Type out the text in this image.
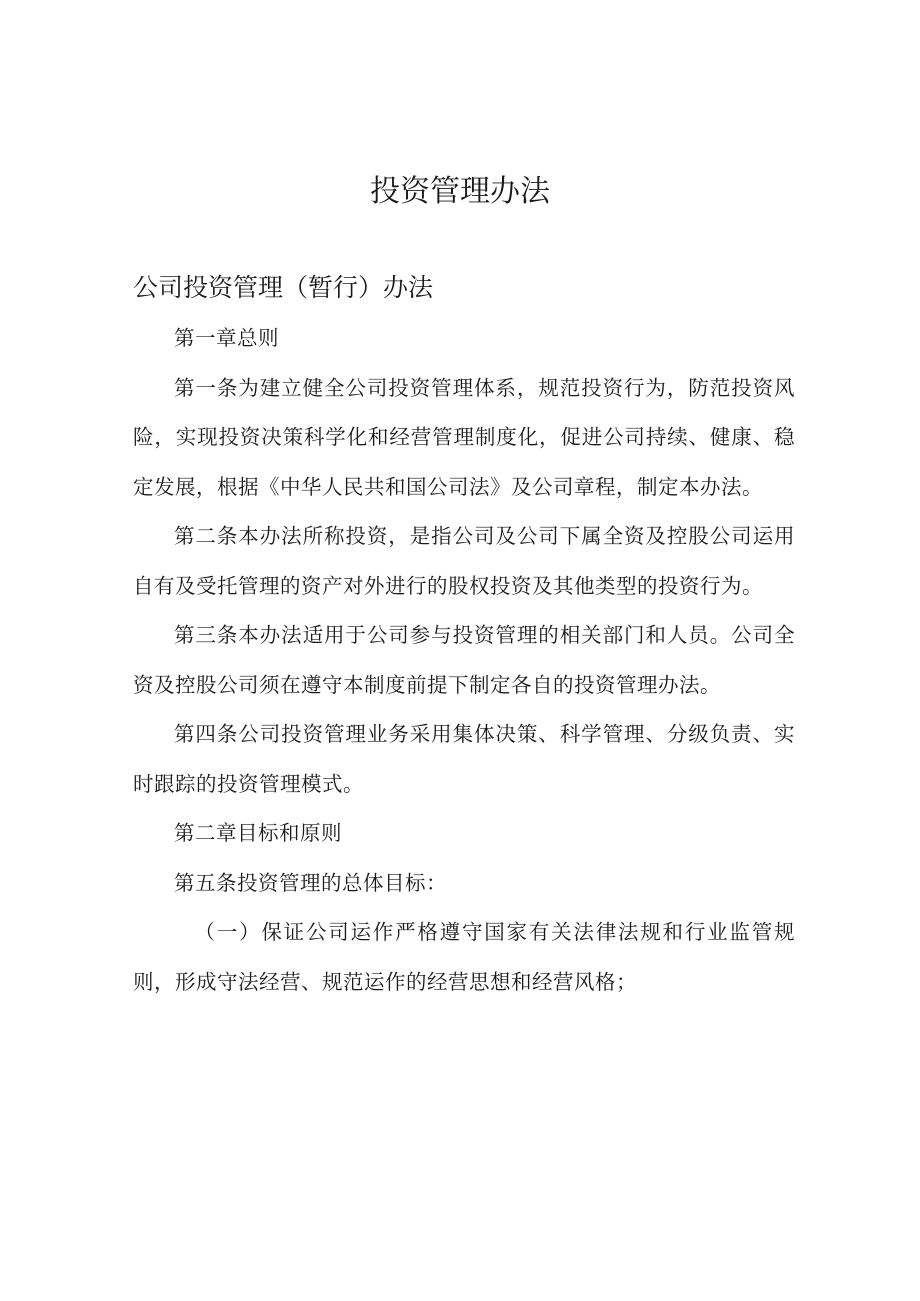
投资管理办法
公司投资管理（暂行）办法

第一章总则

第一条为建立健全公司投资管理体系，规范投资行为，防范投资风险，实现投资决策科学化和经营管理制度化，促进公司持续、健康、稳定发展，根据《中华人民共和国公司法》及公司章程，制定本办法。

第二条本办法所称投资，是指公司及公司下属全资及控股公司运用自有及受托管理的资产对外进行的股权投资及其他类型的投资行为。

第三条本办法适用于公司参与投资管理的相关部门和人员。公司全资及控股公司须在遵守本制度前提下制定各自的投资管理办法。

第四条公司投资管理业务采用集体决策、科学管理、分级负责、实时跟踪的投资管理模式。

第二章目标和原则

第五条投资管理的总体目标：

（一）保证公司运作严格遵守国家有关法律法规和行业监管规则，形成守法经营、规范运作的经营思想和经营风格；
